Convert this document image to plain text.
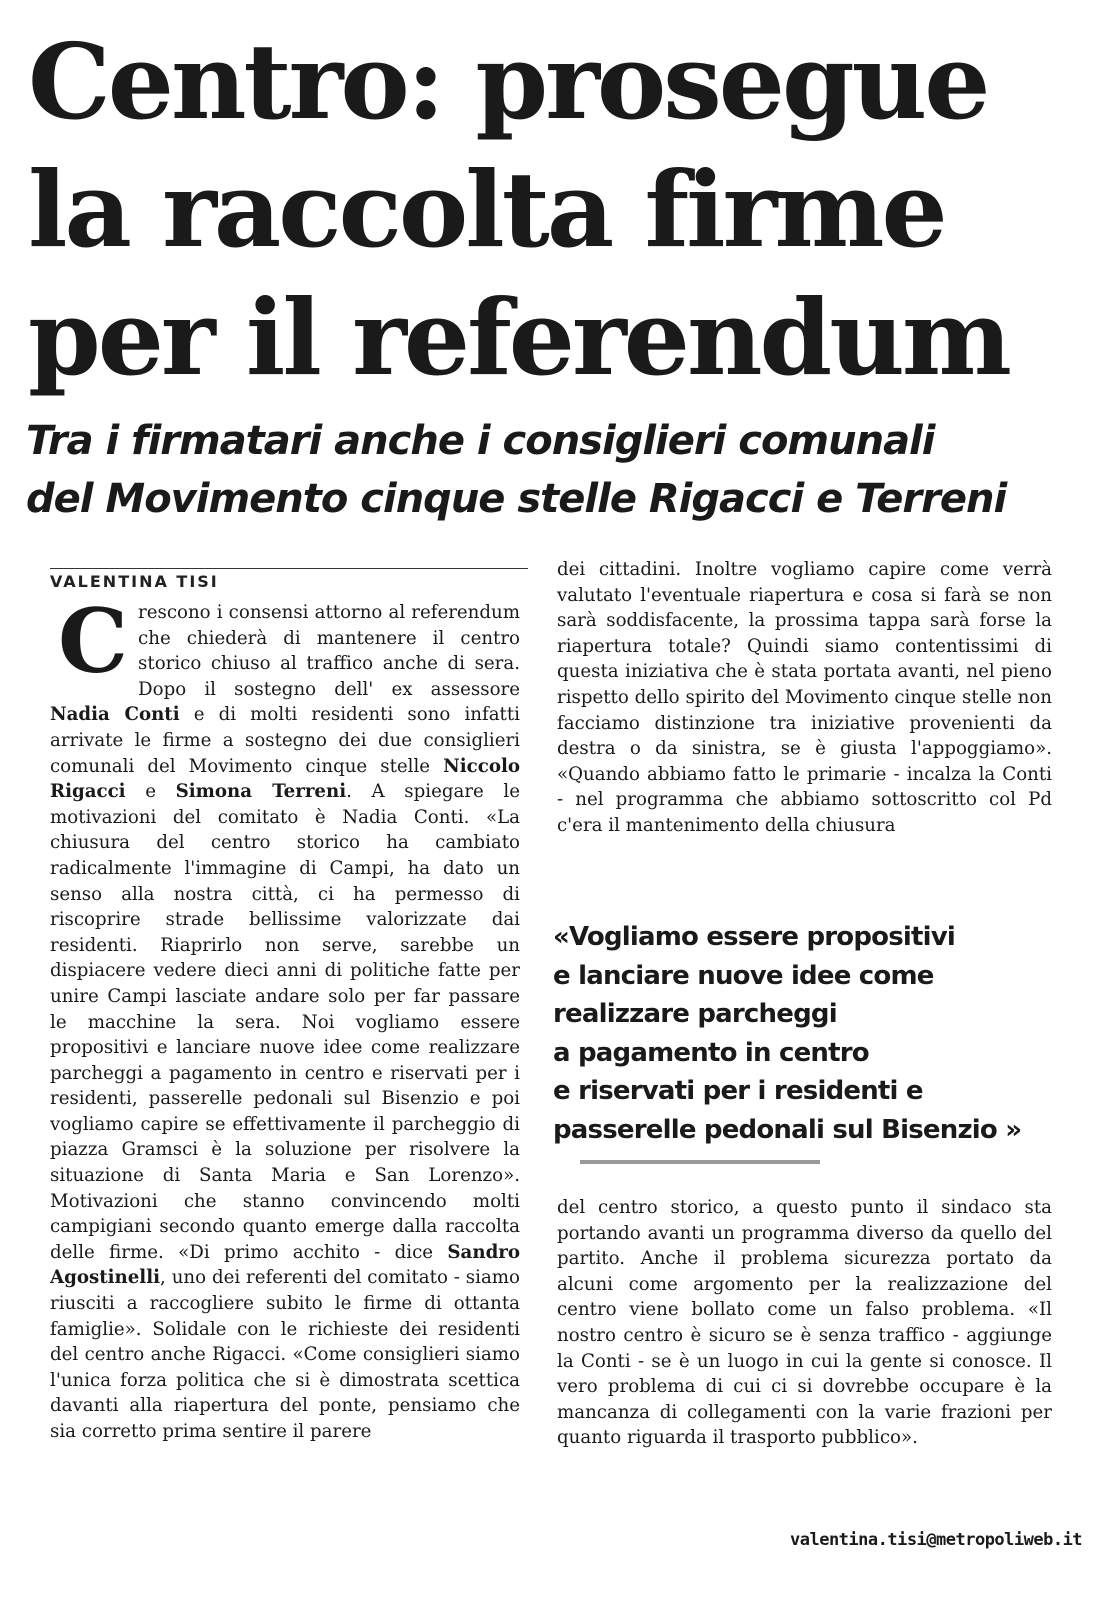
Centro: prosegue
la raccolta firme
per il referendum
Tra i firmatari anche i consiglieri comunali
del Movimento cinque stelle Rigacci e Terreni
VALENTINA TISI

Crescono i consensi attorno al referendum che chiederà di mantenere il centro storico chiuso al traffico anche di sera. Dopo il sostegno dell' ex assessore Nadia Conti e di molti residenti sono infatti arrivate le firme a sostegno dei due consiglieri comunali del Movimento cinque stelle Niccolo Rigacci e Simona Terreni. A spiegare le motivazioni del comitato è Nadia Conti. «La chiusura del centro storico ha cambiato radicalmente l'immagine di Campi, ha dato un senso alla nostra città, ci ha permesso di riscoprire strade bellissime valorizzate dai residenti. Riaprirlo non serve, sarebbe un dispiacere vedere dieci anni di politiche fatte per unire Campi lasciate andare solo per far passare le macchine la sera. Noi vogliamo essere propositivi e lanciare nuove idee come realizzare parcheggi a pagamento in centro e riservati per i residenti, passerelle pedonali sul Bisenzio e poi vogliamo capire se effettivamente il parcheggio di piazza Gramsci è la soluzione per risolvere la situazione di Santa Maria e San Lorenzo». Motivazioni che stanno convincendo molti campigiani secondo quanto emerge dalla raccolta delle firme. «Di primo acchito - dice Sandro Agostinelli, uno dei referenti del comitato - siamo riusciti a raccogliere subito le firme di ottanta famiglie». Solidale con le richieste dei residenti del centro anche Rigacci. «Come consiglieri siamo l'unica forza politica che si è dimostrata scettica davanti alla riapertura del ponte, pensiamo che sia corretto prima sentire il parere

dei cittadini. Inoltre vogliamo capire come verrà valutato l'eventuale riapertura e cosa si farà se non sarà soddisfacente, la prossima tappa sarà forse la riapertura totale? Quindi siamo contentissimi di questa iniziativa che è stata portata avanti, nel pieno rispetto dello spirito del Movimento cinque stelle non facciamo distinzione tra iniziative provenienti da destra o da sinistra, se è giusta l'appoggiamo». «Quando abbiamo fatto le primarie - incalza la Conti - nel programma che abbiamo sottoscritto col Pd c'era il mantenimento della chiusura

«Vogliamo essere propositivi
e lanciare nuove idee come
realizzare parcheggi
a pagamento in centro
e riservati per i residenti e
passerelle pedonali sul Bisenzio »

del centro storico, a questo punto il sindaco sta portando avanti un programma diverso da quello del partito. Anche il problema sicurezza portato da alcuni come argomento per la realizzazione del centro viene bollato come un falso problema. «Il nostro centro è sicuro se è senza traffico - aggiunge la Conti - se è un luogo in cui la gente si conosce. Il vero problema di cui ci si dovrebbe occupare è la mancanza di collegamenti con la varie frazioni per quanto riguarda il trasporto pubblico».

valentina.tisi@metropoliweb.it
